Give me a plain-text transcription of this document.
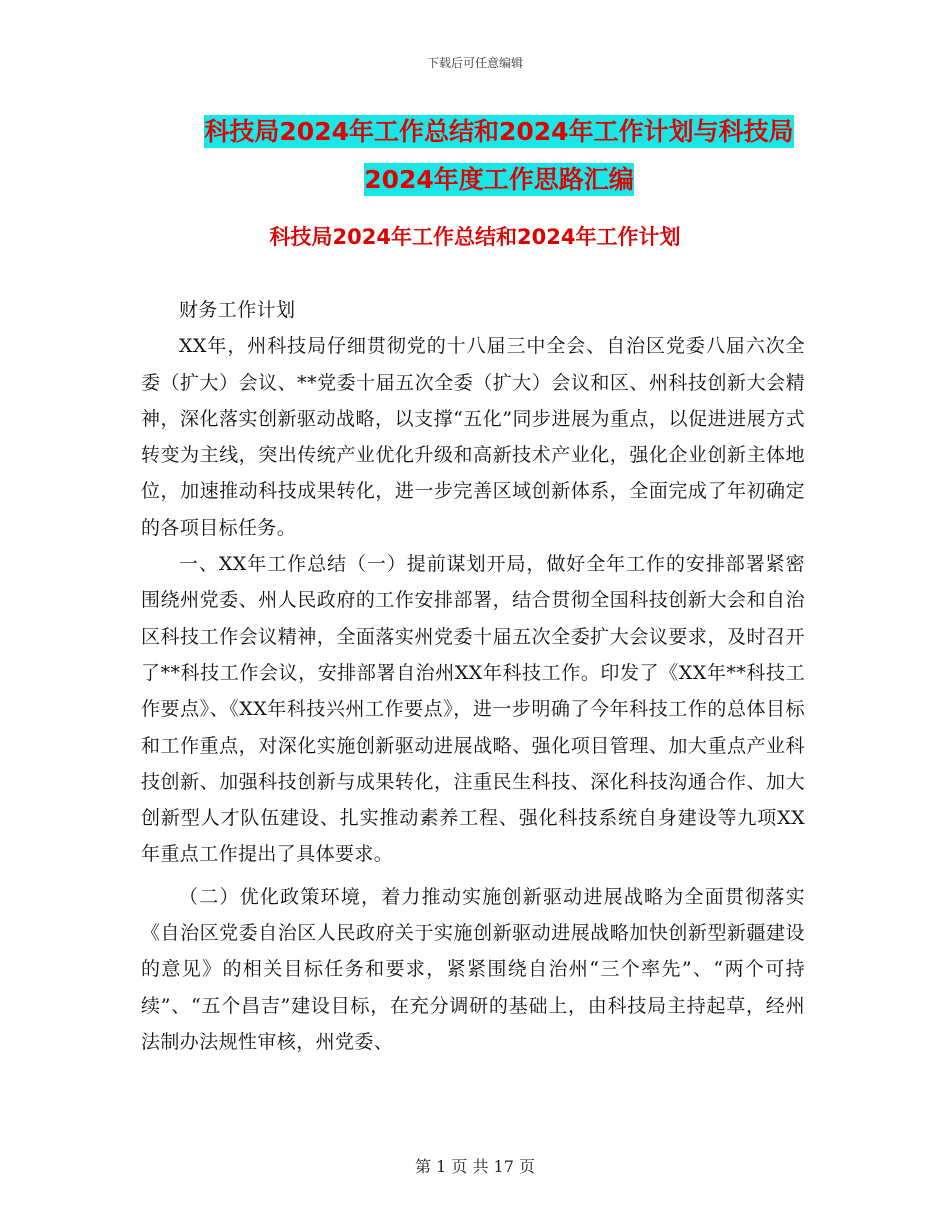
下载后可任意编辑
科技局2024年工作总结和2024年工作计划与科技局
2024年度工作思路汇编
科技局2024年工作总结和2024年工作计划

财务工作计划

XX年，州科技局仔细贯彻党的十八届三中全会、自治区党委八届六次全委（扩大）会议、**党委十届五次全委（扩大）会议和区、州科技创新大会精神，深化落实创新驱动战略，以支撑“五化”同步进展为重点，以促进进展方式转变为主线，突出传统产业优化升级和高新技术产业化，强化企业创新主体地位，加速推动科技成果转化，进一步完善区域创新体系，全面完成了年初确定的各项目标任务。

一、XX年工作总结（一）提前谋划开局，做好全年工作的安排部署紧密围绕州党委、州人民政府的工作安排部署，结合贯彻全国科技创新大会和自治区科技工作会议精神，全面落实州党委十届五次全委扩大会议要求，及时召开了**科技工作会议，安排部署自治州XX年科技工作。印发了《XX年**科技工作要点》、《XX年科技兴州工作要点》，进一步明确了今年科技工作的总体目标和工作重点，对深化实施创新驱动进展战略、强化项目管理、加大重点产业科技创新、加强科技创新与成果转化，注重民生科技、深化科技沟通合作、加大创新型人才队伍建设、扎实推动素养工程、强化科技系统自身建设等九项XX年重点工作提出了具体要求。

（二）优化政策环境，着力推动实施创新驱动进展战略为全面贯彻落实《自治区党委自治区人民政府关于实施创新驱动进展战略加快创新型新疆建设的意见》的相关目标任务和要求，紧紧围绕自治州“三个率先”、“两个可持续”、“五个昌吉”建设目标，在充分调研的基础上，由科技局主持起草，经州法制办法规性审核，州党委、

第 1 页 共 17 页
